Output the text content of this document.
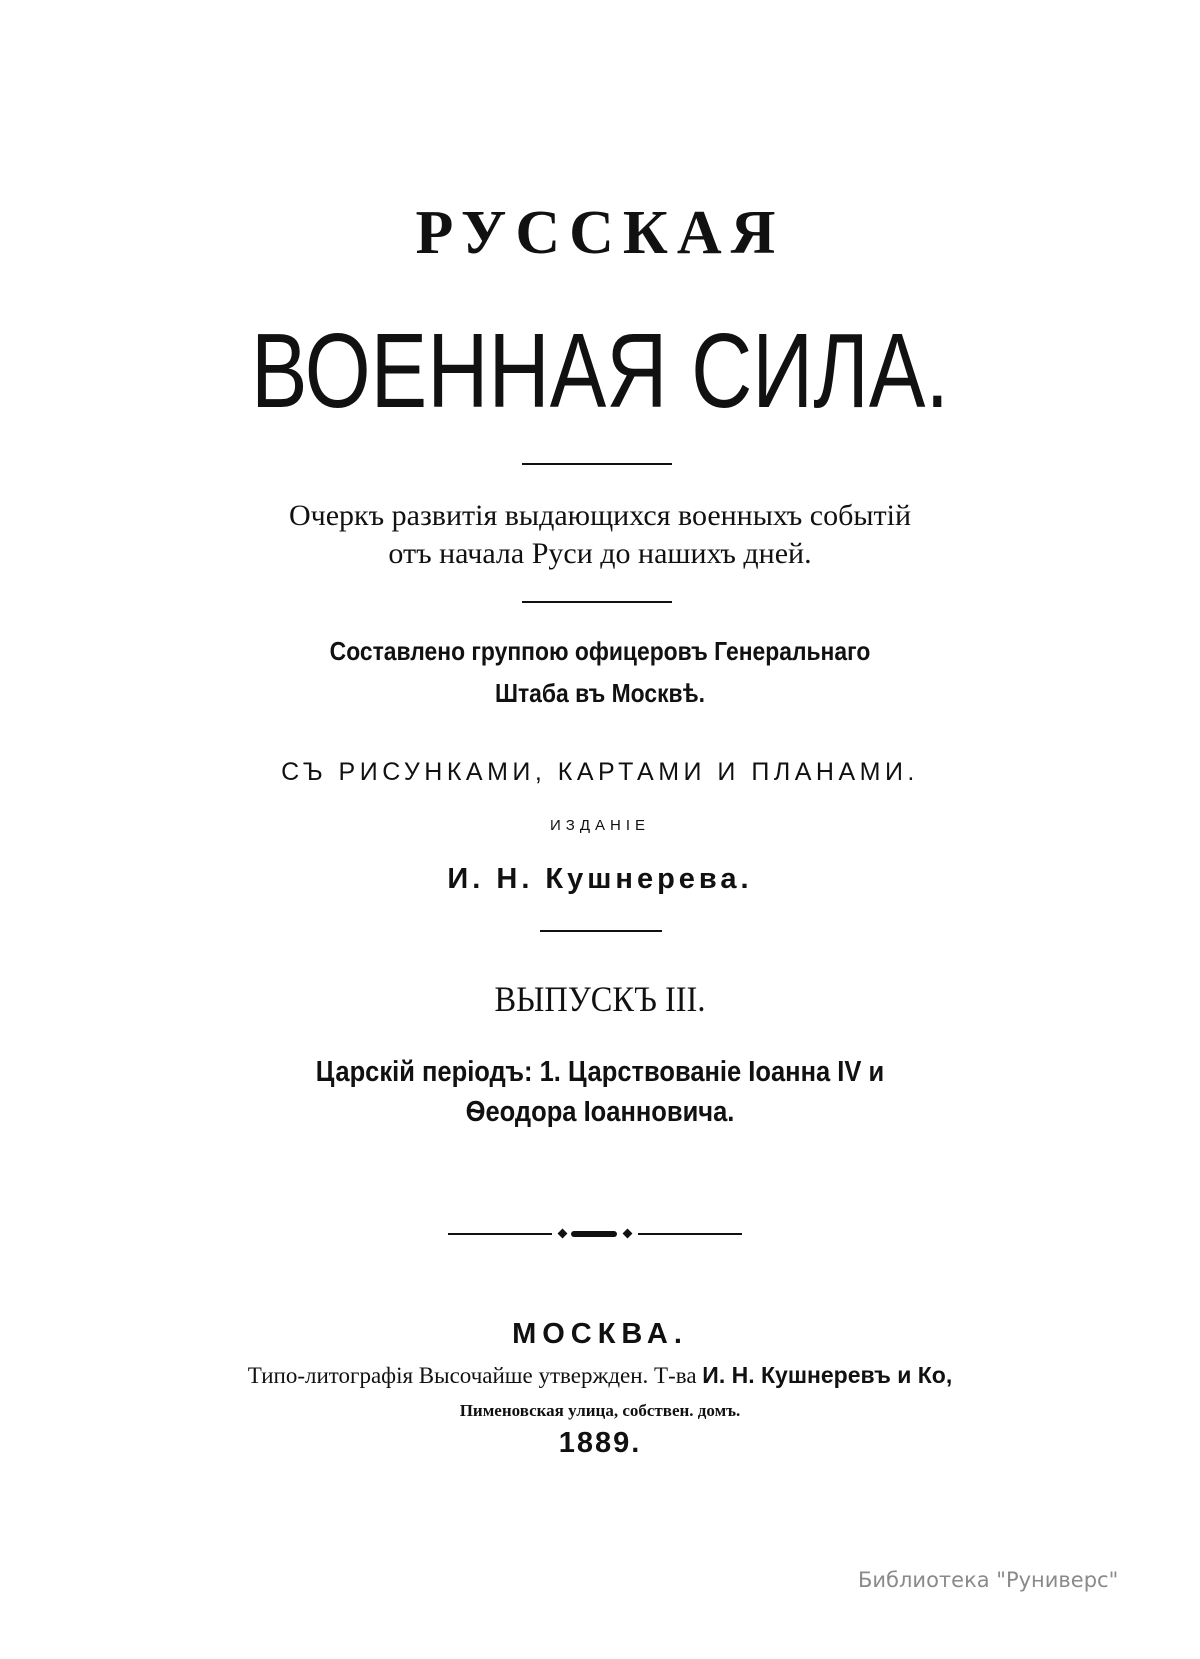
РУССКАЯ
ВОЕННАЯ СИЛА.
Очеркъ развитія выдающихся военныхъ событій
отъ начала Руси до нашихъ дней.
Составлено группою офицеровъ Генеральнаго
Штаба въ Москвѣ.
СЪ РИСУНКАМИ, КАРТАМИ И ПЛАНАМИ.
ИЗДАНІЕ
И. Н. Кушнерева.
ВЫПУСКЪ III.
Царскій періодъ: 1. Царствованіе Іоанна IV и
Ѳеодора Іоанновича.
МОСКВА.
Типо-литографія Высочайше утвержден. Т-ва И. Н. Кушнеревъ и Ко,
Пименовская улица, собствен. домъ.
1889.
Библиотека "Руниверс"
